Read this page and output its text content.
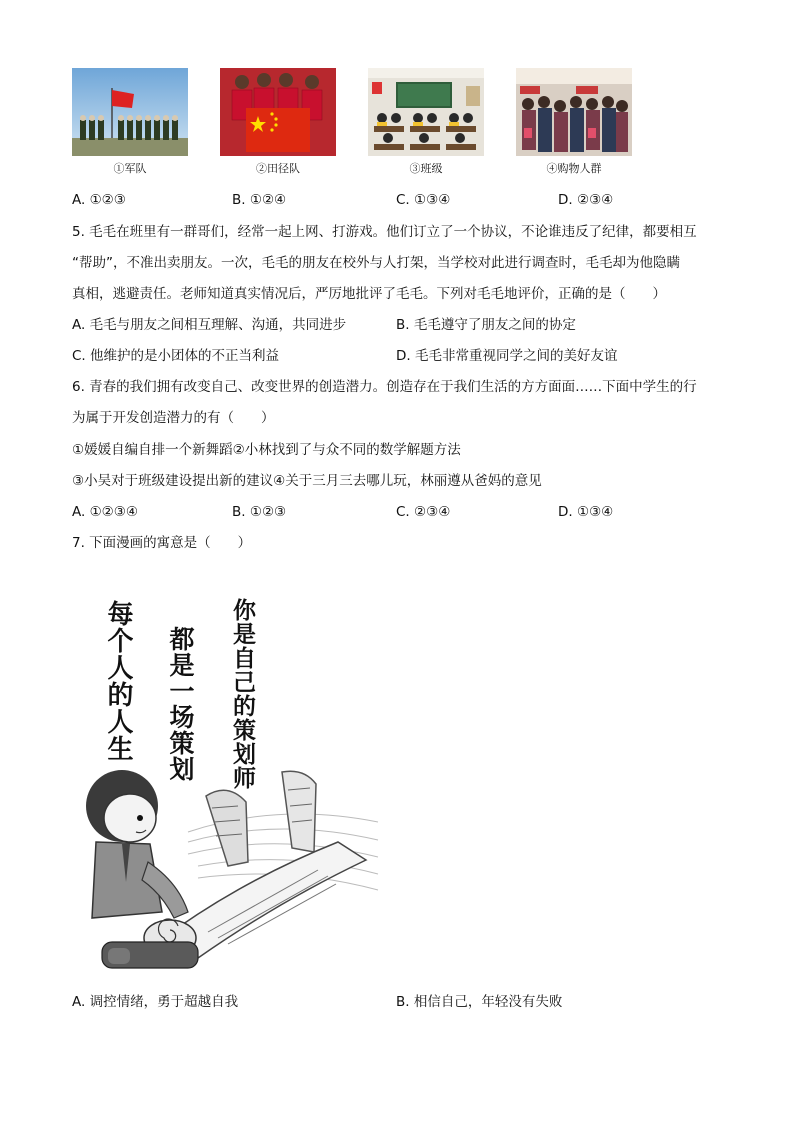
①军队	②田径队	③班级	④购物人群
A. ①②③	B. ①②④	C. ①③④	D. ②③④
5. 毛毛在班里有一群哥们，经常一起上网、打游戏。他们订立了一个协议，不论谁违反了纪律，都要相互
“帮助”，不准出卖朋友。一次，毛毛的朋友在校外与人打架，当学校对此进行调查时，毛毛却为他隐瞒
真相，逃避责任。老师知道真实情况后，严厉地批评了毛毛。下列对毛毛地评价，正确的是（　　）
A. 毛毛与朋友之间相互理解、沟通，共同进步	B. 毛毛遵守了朋友之间的协定
C. 他维护的是小团体的不正当利益	D. 毛毛非常重视同学之间的美好友谊
6. 青春的我们拥有改变自己、改变世界的创造潜力。创造存在于我们生活的方方面面……下面中学生的行
为属于开发创造潜力的有（　　）
①媛媛自编自排一个新舞蹈②小林找到了与众不同的数学解题方法
③小吴对于班级建设提出新的建议④关于三月三去哪儿玩，林丽遵从爸妈的意见
A. ①②③④	B. ①②③	C. ②③④	D. ①③④
7. 下面漫画的寓意是（　　）
每个人的人生 都是一场策划 你是自己的策划师
A. 调控情绪，勇于超越自我	B. 相信自己，年轻没有失败
